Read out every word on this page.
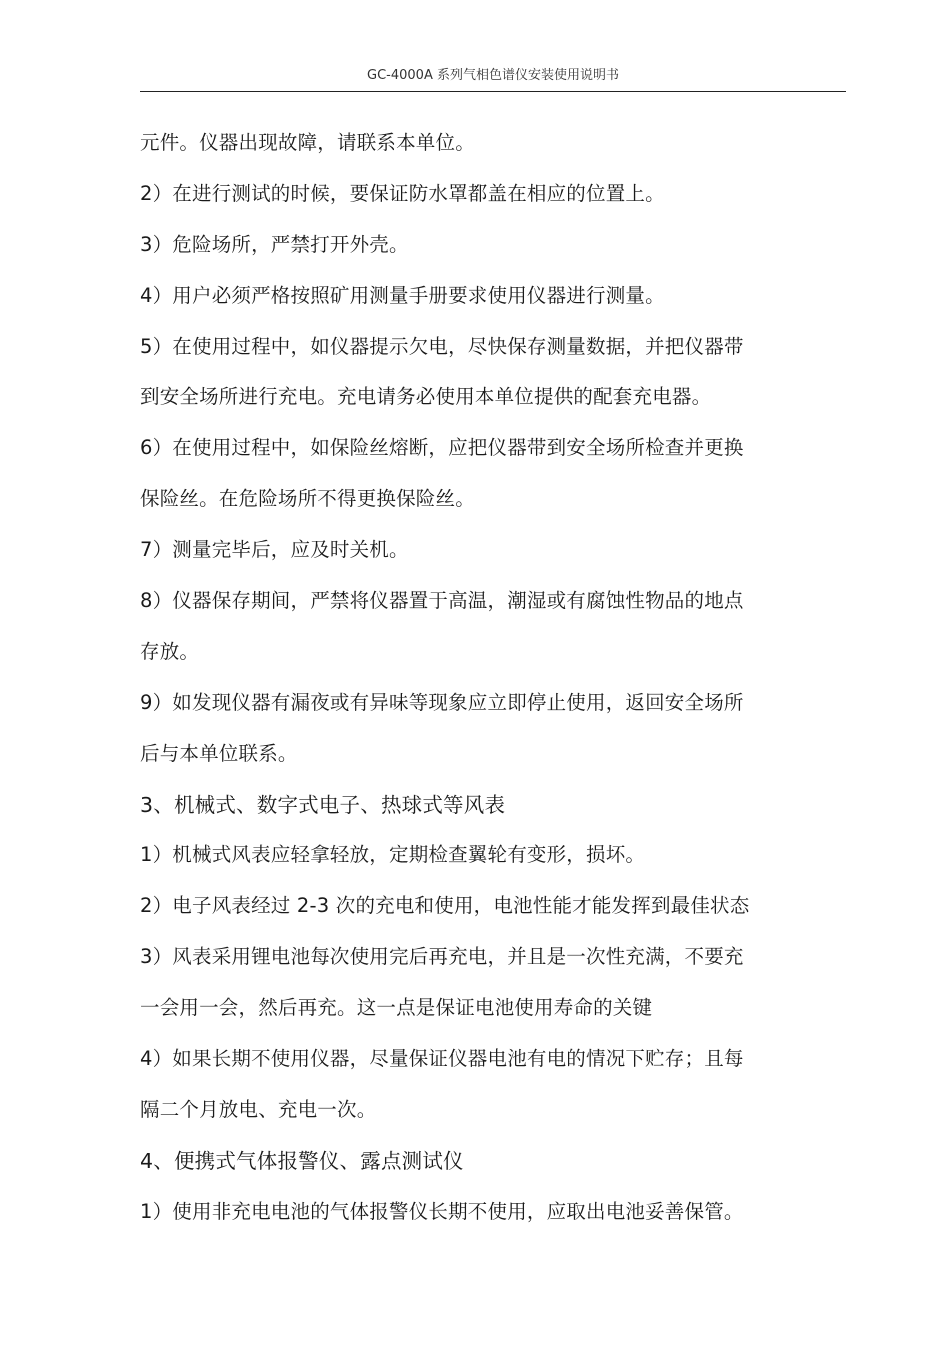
GC-4000A 系列气相色谱仪安装使用说明书
元件。仪器出现故障，请联系本单位。
2）在进行测试的时候，要保证防水罩都盖在相应的位置上。
3）危险场所，严禁打开外壳。
4）用户必须严格按照矿用测量手册要求使用仪器进行测量。
5）在使用过程中，如仪器提示欠电，尽快保存测量数据，并把仪器带
到安全场所进行充电。充电请务必使用本单位提供的配套充电器。
6）在使用过程中，如保险丝熔断，应把仪器带到安全场所检查并更换
保险丝。在危险场所不得更换保险丝。
7）测量完毕后，应及时关机。
8）仪器保存期间，严禁将仪器置于高温，潮湿或有腐蚀性物品的地点
存放。
9）如发现仪器有漏夜或有异味等现象应立即停止使用，返回安全场所
后与本单位联系。
3、机械式、数字式电子、热球式等风表
1）机械式风表应轻拿轻放，定期检查翼轮有变形，损坏。
2）电子风表经过 2-3 次的充电和使用，电池性能才能发挥到最佳状态
3）风表采用锂电池每次使用完后再充电，并且是一次性充满，不要充
一会用一会，然后再充。这一点是保证电池使用寿命的关键
4）如果长期不使用仪器，尽量保证仪器电池有电的情况下贮存；且每
隔二个月放电、充电一次。
4、便携式气体报警仪、露点测试仪
1）使用非充电电池的气体报警仪长期不使用，应取出电池妥善保管。
